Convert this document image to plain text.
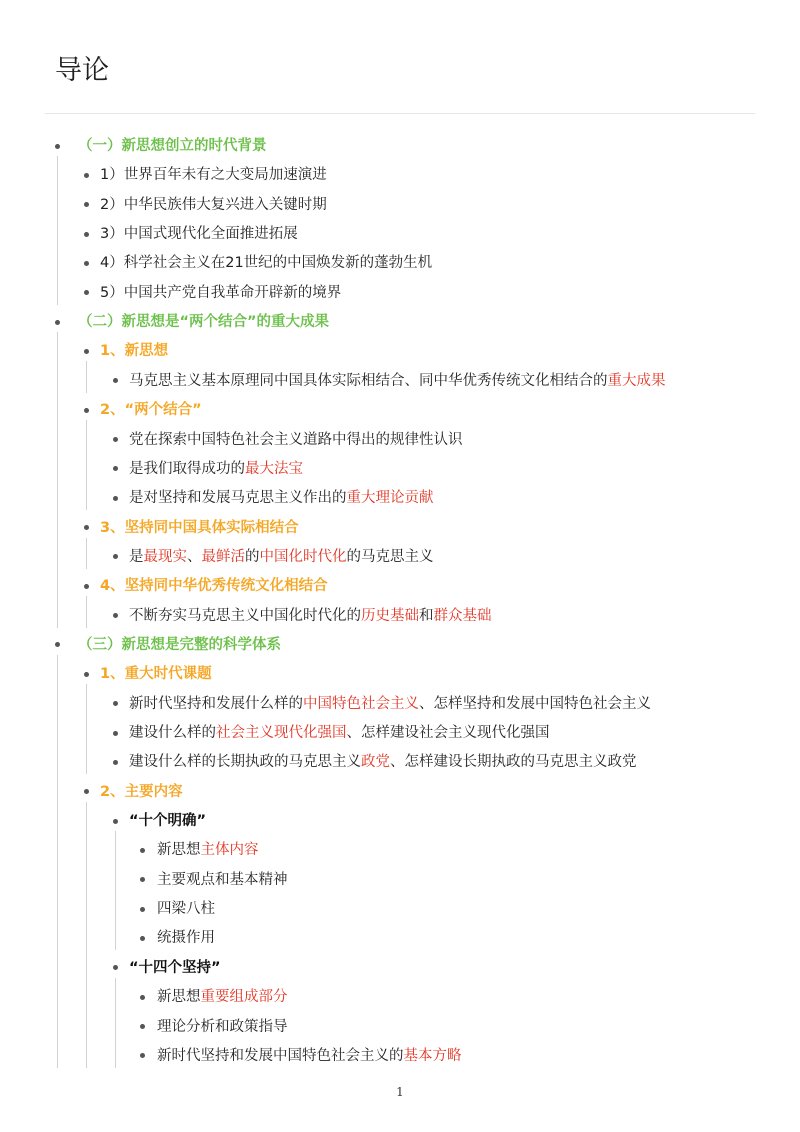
导论
（一）新思想创立的时代背景
1）世界百年未有之大变局加速演进
2）中华民族伟大复兴进入关键时期
3）中国式现代化全面推进拓展
4）科学社会主义在21世纪的中国焕发新的蓬勃生机
5）中国共产党自我革命开辟新的境界
（二）新思想是“两个结合”的重大成果
1、新思想
马克思主义基本原理同中国具体实际相结合、同中华优秀传统文化相结合的重大成果
2、“两个结合”
党在探索中国特色社会主义道路中得出的规律性认识
是我们取得成功的最大法宝
是对坚持和发展马克思主义作出的重大理论贡献
3、坚持同中国具体实际相结合
是最现实、最鲜活的中国化时代化的马克思主义
4、坚持同中华优秀传统文化相结合
不断夯实马克思主义中国化时代化的历史基础和群众基础
（三）新思想是完整的科学体系
1、重大时代课题
新时代坚持和发展什么样的中国特色社会主义、怎样坚持和发展中国特色社会主义
建设什么样的社会主义现代化强国、怎样建设社会主义现代化强国
建设什么样的长期执政的马克思主义政党、怎样建设长期执政的马克思主义政党
2、主要内容
“十个明确”
新思想主体内容
主要观点和基本精神
四梁八柱
统摄作用
“十四个坚持”
新思想重要组成部分
理论分析和政策指导
新时代坚持和发展中国特色社会主义的基本方略
1
